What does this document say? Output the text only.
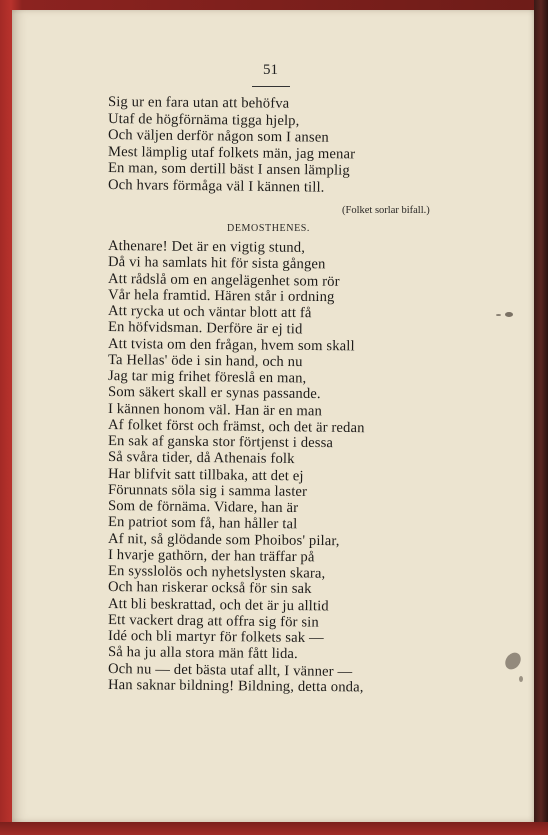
51
Sig ur en fara utan att behöfva
Utaf de högförnäma tigga hjelp,
Och väljen derför någon som I ansen
Mest lämplig utaf folkets män, jag menar
En man, som dertill bäst I ansen lämplig
Och hvars förmåga väl I kännen till.
(Folket sorlar bifall.)
DEMOSTHENES.
Athenare! Det är en vigtig stund,
Då vi ha samlats hit för sista gången
Att rådslå om en angelägenhet som rör
Vår hela framtid. Hären står i ordning
Att rycka ut och väntar blott att få
En höfvidsman. Derföre är ej tid
Att tvista om den frågan, hvem som skall
Ta Hellas' öde i sin hand, och nu
Jag tar mig frihet föreslå en man,
Som säkert skall er synas passande.
I kännen honom väl. Han är en man
Af folket först och främst, och det är redan
En sak af ganska stor förtjenst i dessa
Så svåra tider, då Athenais folk
Har blifvit satt tillbaka, att det ej
Förunnats söla sig i samma laster
Som de förnäma. Vidare, han är
En patriot som få, han håller tal
Af nit, så glödande som Phoibos' pilar,
I hvarje gathörn, der han träffar på
En sysslolös och nyhetslysten skara,
Och han riskerar också för sin sak
Att bli beskrattad, och det är ju alltid
Ett vackert drag att offra sig för sin
Idé och bli martyr för folkets sak —
Så ha ju alla stora män fått lida.
Och nu — det bästa utaf allt, I vänner —
Han saknar bildning! Bildning, detta onda,
